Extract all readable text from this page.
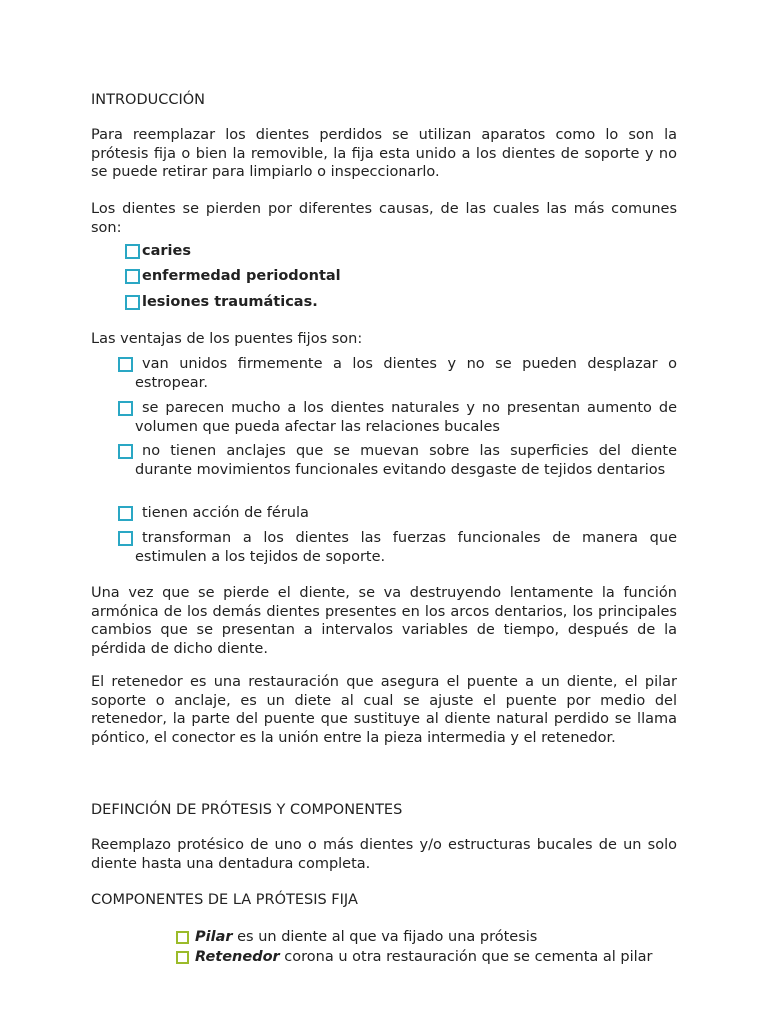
INTRODUCCIÓN
Para reemplazar los dientes perdidos se utilizan aparatos como lo son la prótesis fija o bien la removible, la fija esta unido a los dientes de soporte y no se puede retirar para limpiarlo o inspeccionarlo.
Los dientes se pierden por diferentes causas, de las cuales las más comunes son:
caries
enfermedad periodontal
lesiones traumáticas.
Las ventajas de los puentes fijos son:
van unidos firmemente a los dientes y no se pueden desplazar o estropear.
se parecen mucho a los dientes naturales y no presentan aumento de volumen que pueda afectar las relaciones bucales
no tienen anclajes que se muevan sobre las superficies del diente durante movimientos funcionales evitando desgaste de tejidos dentarios
tienen acción de férula
transforman a los dientes las fuerzas funcionales de manera que estimulen a los tejidos de soporte.
Una vez que se pierde el diente, se va destruyendo lentamente la función armónica de los demás dientes presentes en los arcos dentarios, los principales cambios que se presentan a intervalos variables de tiempo, después de la pérdida de dicho diente.
El retenedor es una restauración que asegura el puente a un diente, el pilar soporte o anclaje, es un diete al cual se ajuste el puente por medio del retenedor, la parte del puente que sustituye al diente natural perdido se llama póntico, el conector es la unión entre la pieza intermedia y el retenedor.
DEFINCIÓN DE PRÓTESIS Y COMPONENTES
Reemplazo protésico de uno o más dientes y/o estructuras bucales de un solo diente hasta una dentadura completa.
COMPONENTES DE LA PRÓTESIS FIJA
Pilar es un diente al que va fijado una prótesis
Retenedor corona u otra restauración que se cementa al pilar
